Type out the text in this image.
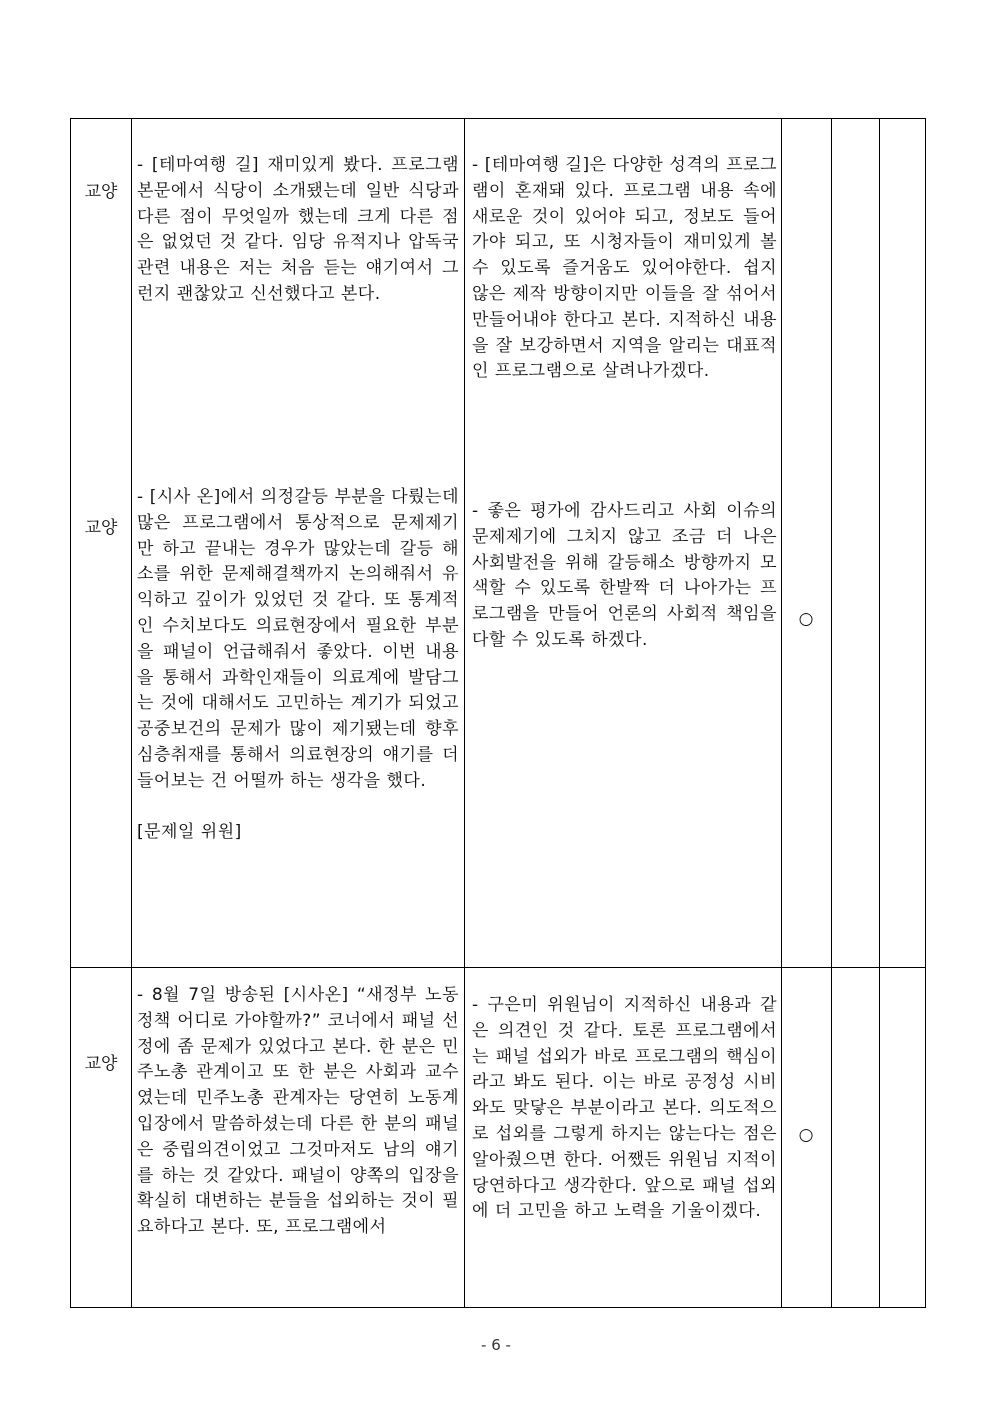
교양

- [테마여행 길] 재미있게 봤다. 프로그램 본문에서 식당이 소개됐는데 일반 식당과 다른 점이 무엇일까 했는데 크게 다른 점은 없었던 것 같다. 임당 유적지나 압독국 관련 내용은 저는 처음 듣는 얘기여서 그런지 괜찮았고 신선했다고 본다.

- [테마여행 길]은 다양한 성격의 프로그램이 혼재돼 있다. 프로그램 내용 속에 새로운 것이 있어야 되고, 정보도 들어가야 되고, 또 시청자들이 재미있게 볼 수 있도록 즐거움도 있어야한다. 쉽지 않은 제작 방향이지만 이들을 잘 섞어서 만들어내야 한다고 본다. 지적하신 내용을 잘 보강하면서 지역을 알리는 대표적인 프로그램으로 살려나가겠다.

교양

- [시사 온]에서 의정갈등 부분을 다뤘는데 많은 프로그램에서 통상적으로 문제제기만 하고 끝내는 경우가 많았는데 갈등 해소를 위한 문제해결책까지 논의해줘서 유익하고 깊이가 있었던 것 같다. 또 통계적인 수치보다도 의료현장에서 필요한 부분을 패널이 언급해줘서 좋았다. 이번 내용을 통해서 과학인재들이 의료계에 발담그는 것에 대해서도 고민하는 계기가 되었고 공중보건의 문제가 많이 제기됐는데 향후 심층취재를 통해서 의료현장의 얘기를 더 들어보는 건 어떨까 하는 생각을 했다.

[문제일 위원]

- 좋은 평가에 감사드리고 사회 이슈의 문제제기에 그치지 않고 조금 더 나은 사회발전을 위해 갈등해소 방향까지 모색할 수 있도록 한발짝 더 나아가는 프로그램을 만들어 언론의 사회적 책임을 다할 수 있도록 하겠다.

○
교양

- 8월 7일 방송된 [시사온] “새정부 노동정책 어디로 가야할까?” 코너에서 패널 선정에 좀 문제가 있었다고 본다. 한 분은 민주노총 관계이고 또 한 분은 사회과 교수였는데 민주노총 관계자는 당연히 노동계 입장에서 말씀하셨는데 다른 한 분의 패널은 중립의견이었고 그것마저도 남의 얘기를 하는 것 같았다. 패널이 양쪽의 입장을 확실히 대변하는 분들을 섭외하는 것이 필요하다고 본다. 또, 프로그램에서

- 구은미 위원님이 지적하신 내용과 같은 의견인 것 같다. 토론 프로그램에서는 패널 섭외가 바로 프로그램의 핵심이라고 봐도 된다. 이는 바로 공정성 시비와도 맞닿은 부분이라고 본다. 의도적으로 섭외를 그렇게 하지는 않는다는 점은 알아줬으면 한다. 어쨌든 위원님 지적이 당연하다고 생각한다. 앞으로 패널 섭외에 더 고민을 하고 노력을 기울이겠다.

○
- 6 -
